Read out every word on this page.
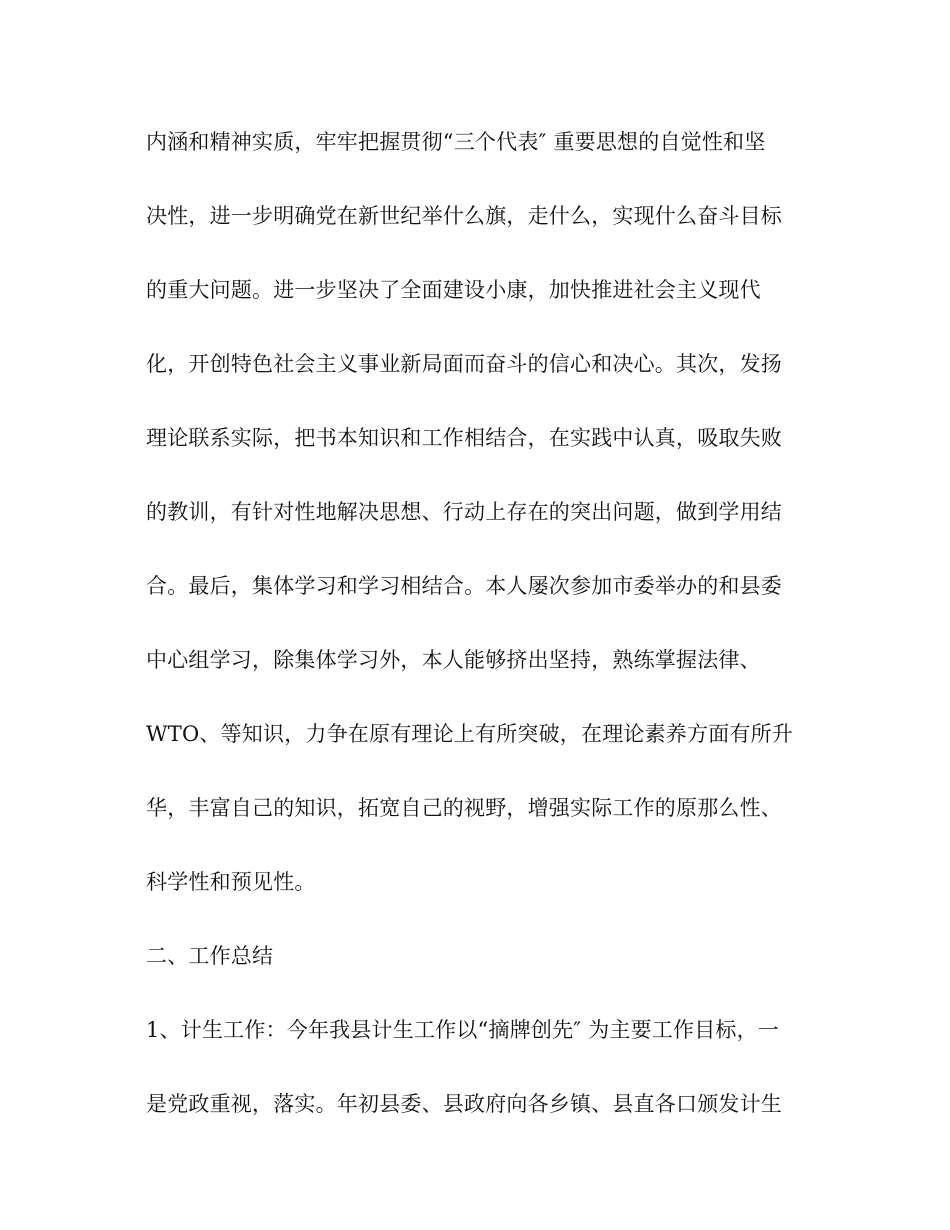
内涵和精神实质，牢牢把握贯彻“三个代表″ 重要思想的自觉性和坚
决性，进一步明确党在新世纪举什么旗，走什么，实现什么奋斗目标
的重大问题。进一步坚决了全面建设小康，加快推进社会主义现代
化，开创特色社会主义事业新局面而奋斗的信心和决心。其次，发扬
理论联系实际，把书本知识和工作相结合，在实践中认真，吸取失败
的教训，有针对性地解决思想、行动上存在的突出问题，做到学用结
合。最后，集体学习和学习相结合。本人屡次参加市委举办的和县委
中心组学习，除集体学习外，本人能够挤出坚持，熟练掌握法律、
WTO、等知识，力争在原有理论上有所突破，在理论素养方面有所升
华，丰富自己的知识，拓宽自己的视野，增强实际工作的原那么性、
科学性和预见性。
二、工作总结
1、计生工作：今年我县计生工作以“摘牌创先″ 为主要工作目标，一
是党政重视，落实。年初县委、县政府向各乡镇、县直各口颁发计生
